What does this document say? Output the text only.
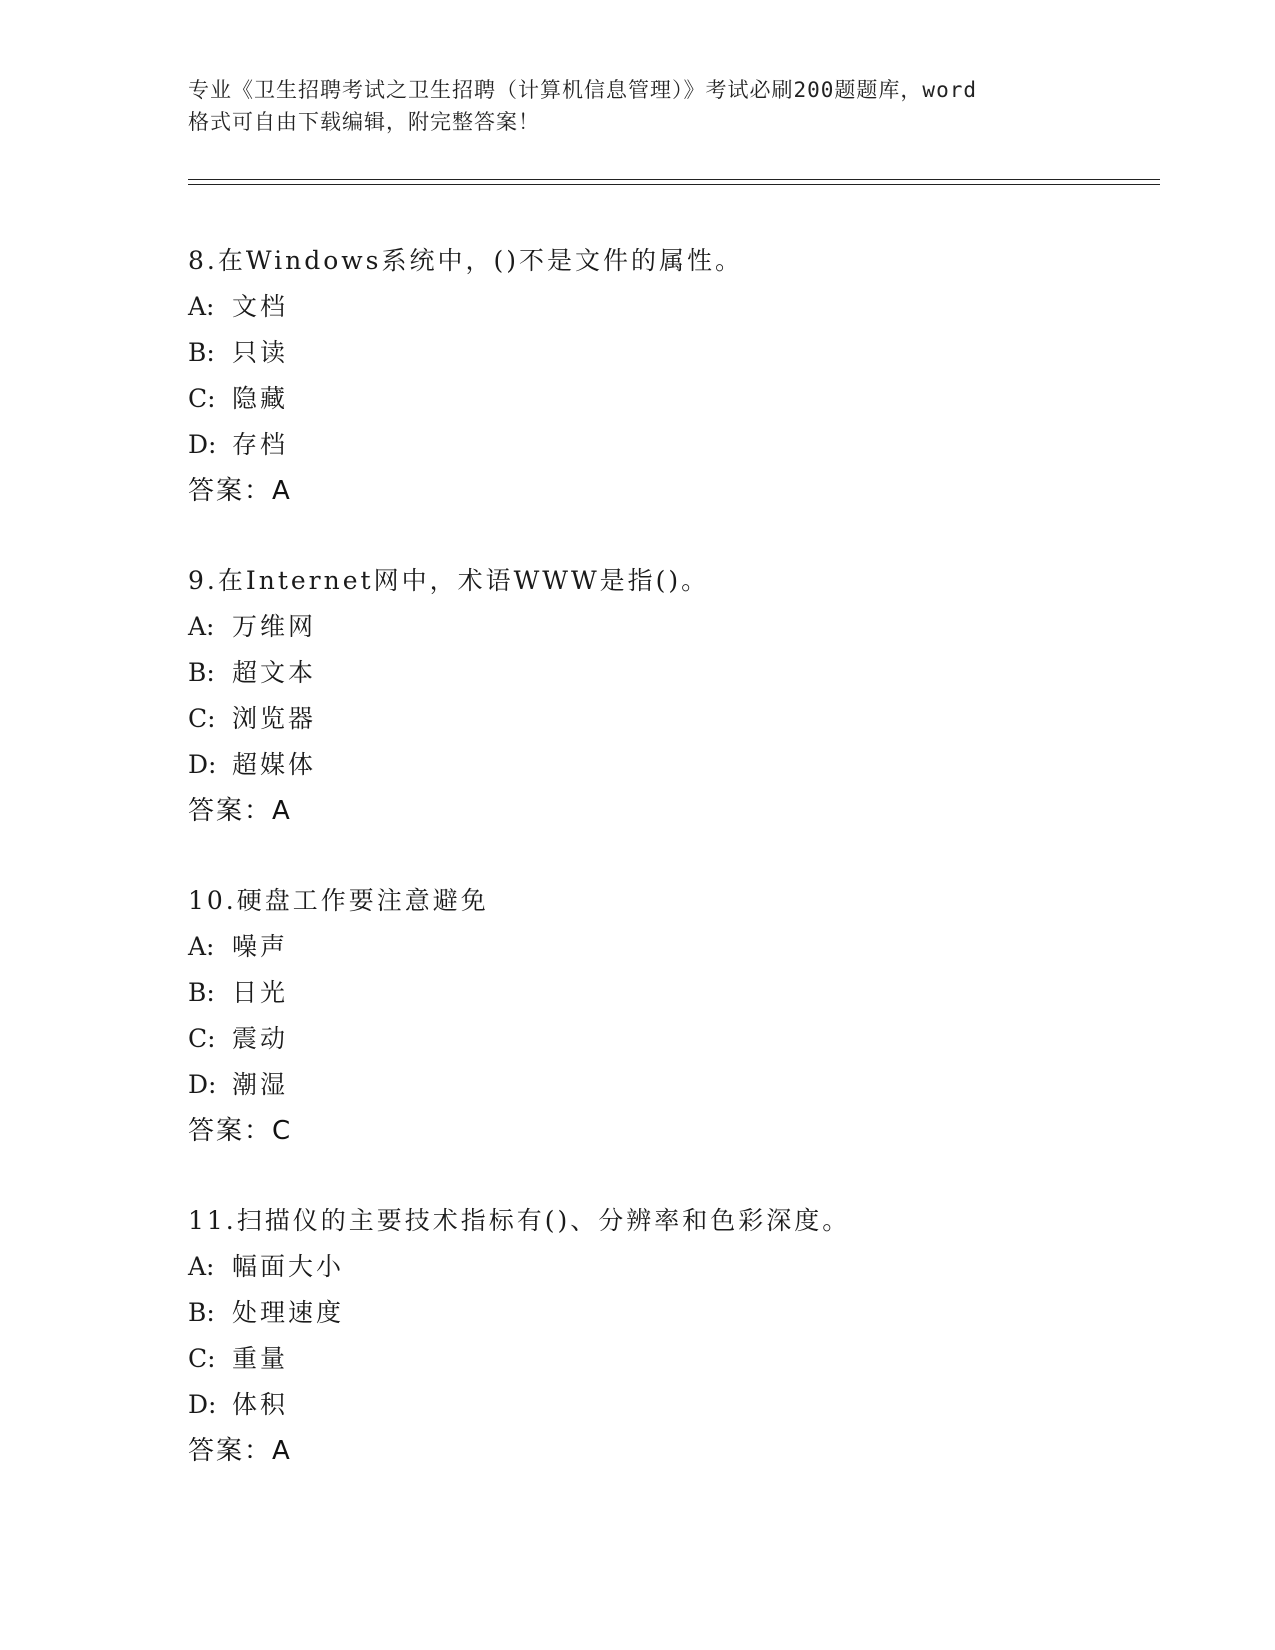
专业《卫生招聘考试之卫生招聘（计算机信息管理）》考试必刷200题题库，word

格式可自由下载编辑，附完整答案！

8.在Windows系统中，()不是文件的属性。
A: 文档
B: 只读
C: 隐藏
D: 存档
答案：A
9.在Internet网中，术语WWW是指()。
A: 万维网
B: 超文本
C: 浏览器
D: 超媒体
答案：A
10.硬盘工作要注意避免
A: 噪声
B: 日光
C: 震动
D: 潮湿
答案：C
11.扫描仪的主要技术指标有()、分辨率和色彩深度。
A: 幅面大小
B: 处理速度
C: 重量
D: 体积
答案：A
